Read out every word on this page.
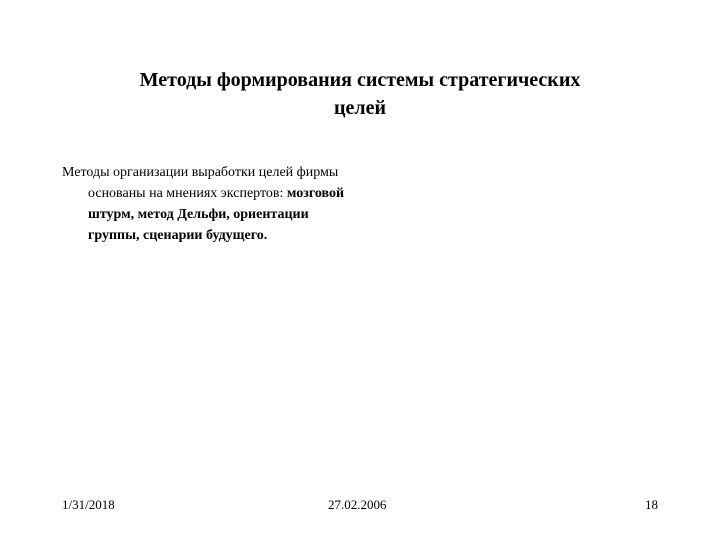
Методы формирования системы стратегических
целей

Методы организации выработки целей фирмы основаны на мнениях экспертов: мозговой штурм, метод Дельфи, ориентации группы, сценарии будущего.

1/31/2018	27.02.2006	18
